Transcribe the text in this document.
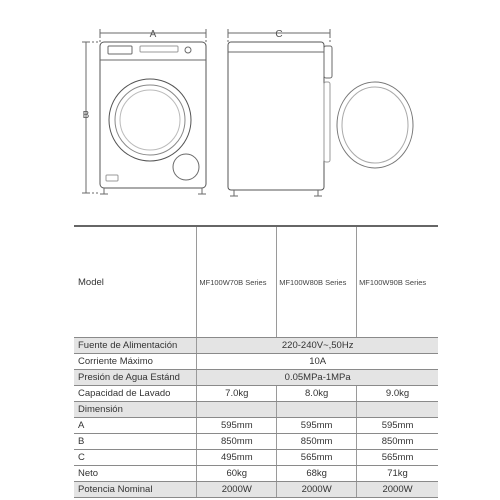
A
B
C
Model	MF100W70B Series	MF100W80B Series	MF100W90B Series
Fuente de Alimentación	220-240V~,50Hz		
Corriente Máximo	10A		
Presión de Agua Estánd	0.05MPa-1MPa		
Capacidad de Lavado	7.0kg	8.0kg	9.0kg
Dimensión			
A	595mm	595mm	595mm
B	850mm	850mm	850mm
C	495mm	565mm	565mm
Neto	60kg	68kg	71kg
Potencia Nominal	2000W	2000W	2000W
